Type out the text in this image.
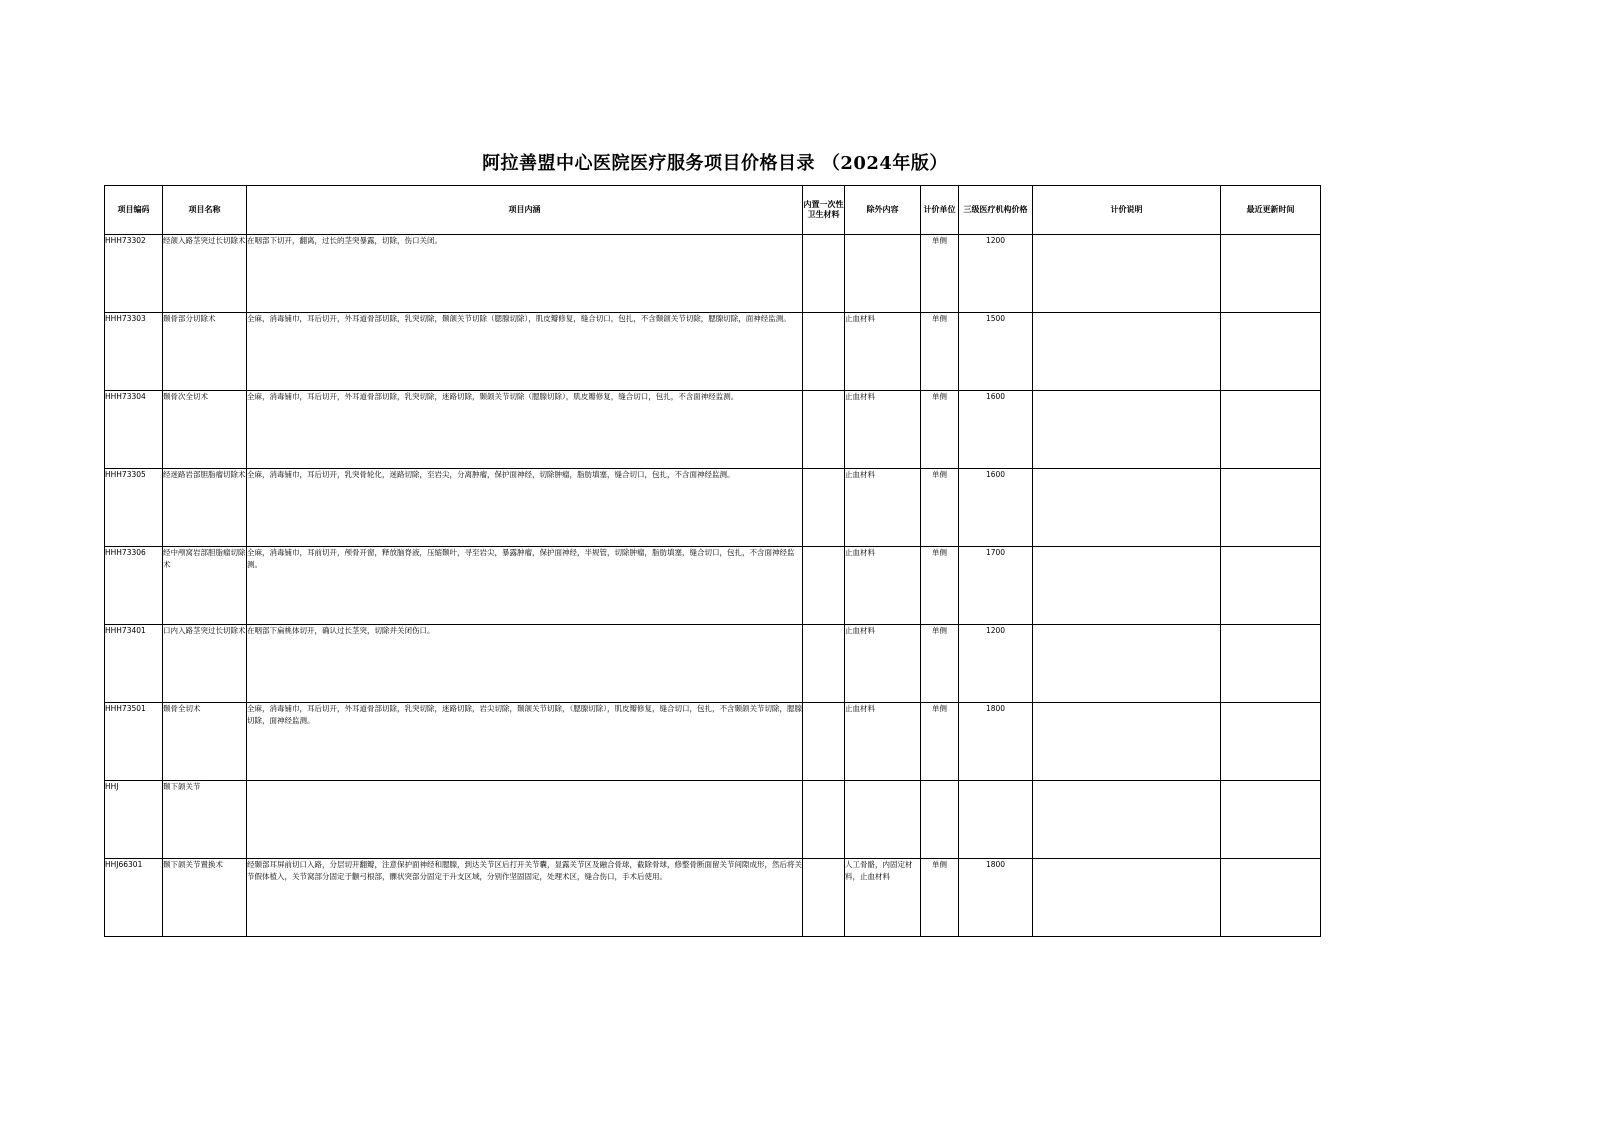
阿拉善盟中心医院医疗服务项目价格目录 （2024年版）
项目编码	项目名称	项目内涵	内置一次性卫生材料	除外内容	计价单位	三级医疗机构价格	计价说明	最近更新时间
HHH73302	经颌入路茎突过长切除术	在咽部下切开，翻离，过长的茎突暴露，切除，伤口关闭。			单侧	1200		
HHH73303	颞骨部分切除术	全麻，消毒铺巾，耳后切开，外耳道骨部切除，乳突切除，颞颌关节切除（腮腺切除），肌皮瓣修复，缝合切口，包扎，不含颞颌关节切除，腮腺切除，面神经监测。		止血材料	单侧	1500		
HHH73304	颞骨次全切术	全麻，消毒铺巾，耳后切开，外耳道骨部切除，乳突切除，迷路切除，颞颌关节切除（腮腺切除），肌皮瓣修复，缝合切口，包扎，不含面神经监测。		止血材料	单侧	1600		
HHH73305	经迷路岩部胆脂瘤切除术	全麻，消毒铺巾，耳后切开，乳突骨轮化，迷路切除，至岩尖，分离肿瘤，保护面神经，切除肿瘤，脂肪填塞，缝合切口，包扎，不含面神经监测。		止血材料	单侧	1600		
HHH73306	经中颅窝岩部胆脂瘤切除术	全麻，消毒铺巾，耳前切开，颅骨开窗，释放脑脊液，压缩颞叶，寻至岩尖，暴露肿瘤，保护面神经，半规管，切除肿瘤，脂肪填塞，缝合切口，包扎，不含面神经监测。		止血材料	单侧	1700		
HHH73401	口内入路茎突过长切除术	在咽部下扁桃体切开，确认过长茎突，切除并关闭伤口。		止血材料	单侧	1200		
HHH73501	颞骨全切术	全麻，消毒铺巾，耳后切开，外耳道骨部切除，乳突切除，迷路切除，岩尖切除，颞颌关节切除，（腮腺切除），肌皮瓣修复，缝合切口，包扎，不含颞颌关节切除，腮腺切除，面神经监测。		止血材料	单侧	1800		
HHJ	颞下颌关节							
HHJ66301	颞下颌关节置换术	经颞部耳屏前切口入路，分层切开翻瓣，注意保护面神经和腮腺，到达关节区后打开关节囊，显露关节区及融合骨球，截除骨球，修整骨断面留关节间隙成形，然后将关节假体植入，关节窝部分固定于颧弓根部，髁状突部分固定于升支区域，分别作坚固固定，处理术区，缝合伤口，手术后使用。		人工骨骼，内固定材料，止血材料	单侧	1800		
